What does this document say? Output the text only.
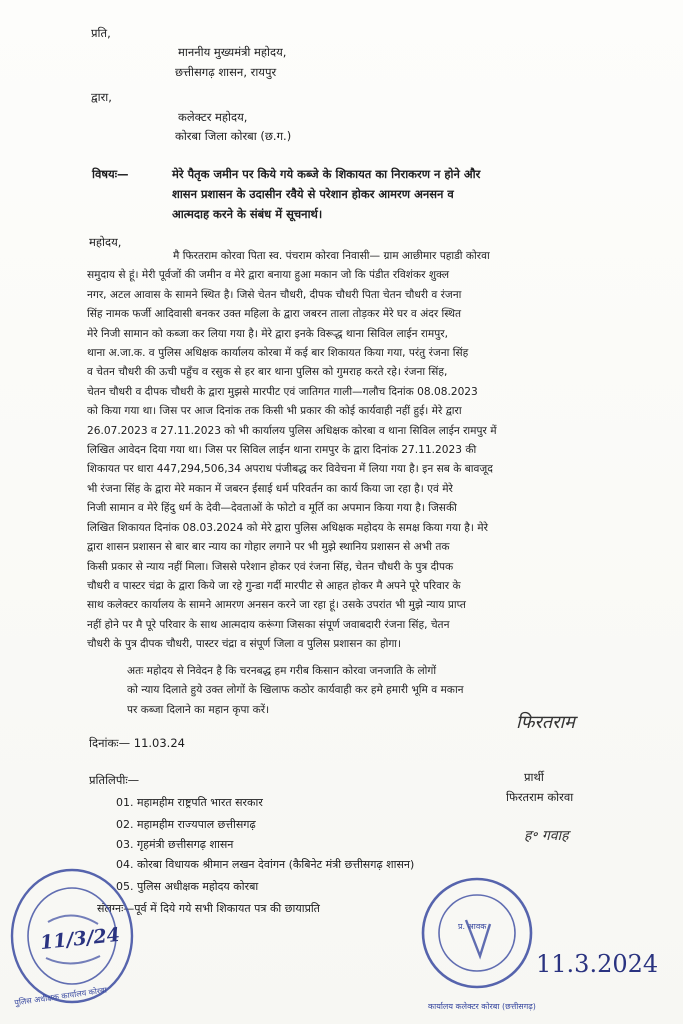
प्रति,
माननीय मुख्यमंत्री महोदय,
छत्तीसगढ़ शासन, रायपुर
द्वारा,
कलेक्टर महोदय,
कोरबा जिला कोरबा (छ.ग.)
विषयः—	मेरे पैतृक जमीन पर किये गये कब्जे के शिकायत का निराकरण न होने और
शासन प्रशासन के उदासीन रवैये से परेशान होकर आमरण अनसन व
आत्मदाह करने के संबंध में सूचनार्थ।
महोदय,
मै फिरतराम कोरवा पिता स्व. पंचराम कोरवा निवासी— ग्राम आछीमार पहाडी कोरवा
समुदाय से हूं। मेरी पूर्वजों की जमीन व मेरे द्वारा बनाया हुआ मकान जो कि पंडीत रविशंकर शुक्ल
नगर, अटल आवास के सामने स्थित है। जिसे चेतन चौधरी, दीपक चौधरी पिता चेतन चौधरी व रंजना
सिंह नामक फर्जी आदिवासी बनकर उक्त महिला के द्वारा जबरन ताला तोड़कर मेरे घर व अंदर स्थित
मेरे निजी सामान को कब्जा कर लिया गया है। मेरे द्वारा इनके विरूद्ध थाना सिविल लाईन रामपुर,
थाना अ.जा.क. व पुलिस अधिक्षक कार्यालय कोरबा में कई बार शिकायत किया गया, परंतु रंजना सिंह
व चेतन चौधरी की ऊची पहुँच व रसुक से हर बार थाना पुलिस को गुमराह करते रहे। रंजना सिंह,
चेतन चौधरी व दीपक चौधरी के द्वारा मुझसे मारपीट एवं जातिगत गाली—गलौच दिनांक 08.08.2023
को किया गया था। जिस पर आज दिनांक तक किसी भी प्रकार की कोई कार्यवाही नहीं हुई। मेरे द्वारा
26.07.2023 व 27.11.2023 को भी कार्यालय पुलिस अधिक्षक कोरबा व थाना सिविल लाईन रामपुर में
लिखित आवेदन दिया गया था। जिस पर सिविल लाईन थाना रामपुर के द्वारा दिनांक 27.11.2023 की
शिकायत पर धारा 447,294,506,34 अपराध पंजीबद्ध कर विवेचना में लिया गया है। इन सब के बावजूद
भी रंजना सिंह के द्वारा मेरे मकान में जबरन ईसाई धर्म परिवर्तन का कार्य किया जा रहा है। एवं मेरे
निजी सामान व मेरे हिंदु धर्म के देवी—देवताओं के फोटो व मूर्ति का अपमान किया गया है। जिसकी
लिखित शिकायत दिनांक 08.03.2024 को मेरे द्वारा पुलिस अधिक्षक महोदय के समक्ष किया गया है। मेरे
द्वारा शासन प्रशासन से बार बार न्याय का गोहार लगाने पर भी मुझे स्थानिय प्रशासन से अभी तक
किसी प्रकार से न्याय नहीं मिला। जिससे परेशान होकर एवं रंजना सिंह, चेतन चौधरी के पुत्र दीपक
चौधरी व पास्टर चंद्रा के द्वारा किये जा रहे गुन्डा गर्दी मारपीट से आहत होकर मै अपने पूरे परिवार के
साथ कलेक्टर कार्यालय के सामने आमरण अनसन करने जा रहा हूं। उसके उपरांत भी मुझे न्याय प्राप्त
नहीं होने पर मै पूरे परिवार के साथ आत्मदाय करूंगा जिसका संपूर्ण जवाबदारी रंजना सिंह, चेतन
चौधरी के पुत्र दीपक चौधरी, पास्टर चंद्रा व संपूर्ण जिला व पुलिस प्रशासन का होगा।
अतः महोदय से निवेदन है कि चरनबद्ध हम गरीब किसान कोरवा जनजाति के लोगों
को न्याय दिलाते हुये उक्त लोगों के खिलाफ कठोर कार्यवाही कर हमे हमारी भूमि व मकान
पर कब्जा दिलाने का महान कृपा करें।
दिनांकः— 11.03.24
फिरतराम
प्रार्थी
फिरतराम कोरवा
ह॰ गवाह
प्रतिलिपीः—
01. महामहीम राष्ट्रपति भारत सरकार
02. महामहीम राज्यपाल छत्तीसगढ़
03. गृहमंत्री छत्तीसगढ़ शासन
04. कोरबा विधायक श्रीमान लखन देवांगन (कैबिनेट मंत्री छत्तीसगढ़ शासन)
05. पुलिस अधीक्षक महोदय कोरबा
संलग्नः—पूर्व में दिये गये सभी शिकायत पत्र की छायाप्रति
11/3/24
पुलिस अधीक्षक कार्यालय कोरबा
प्र. आवक
कार्यालय कलेक्टर कोरबा (छत्तीसगढ़)
11.3.2024
